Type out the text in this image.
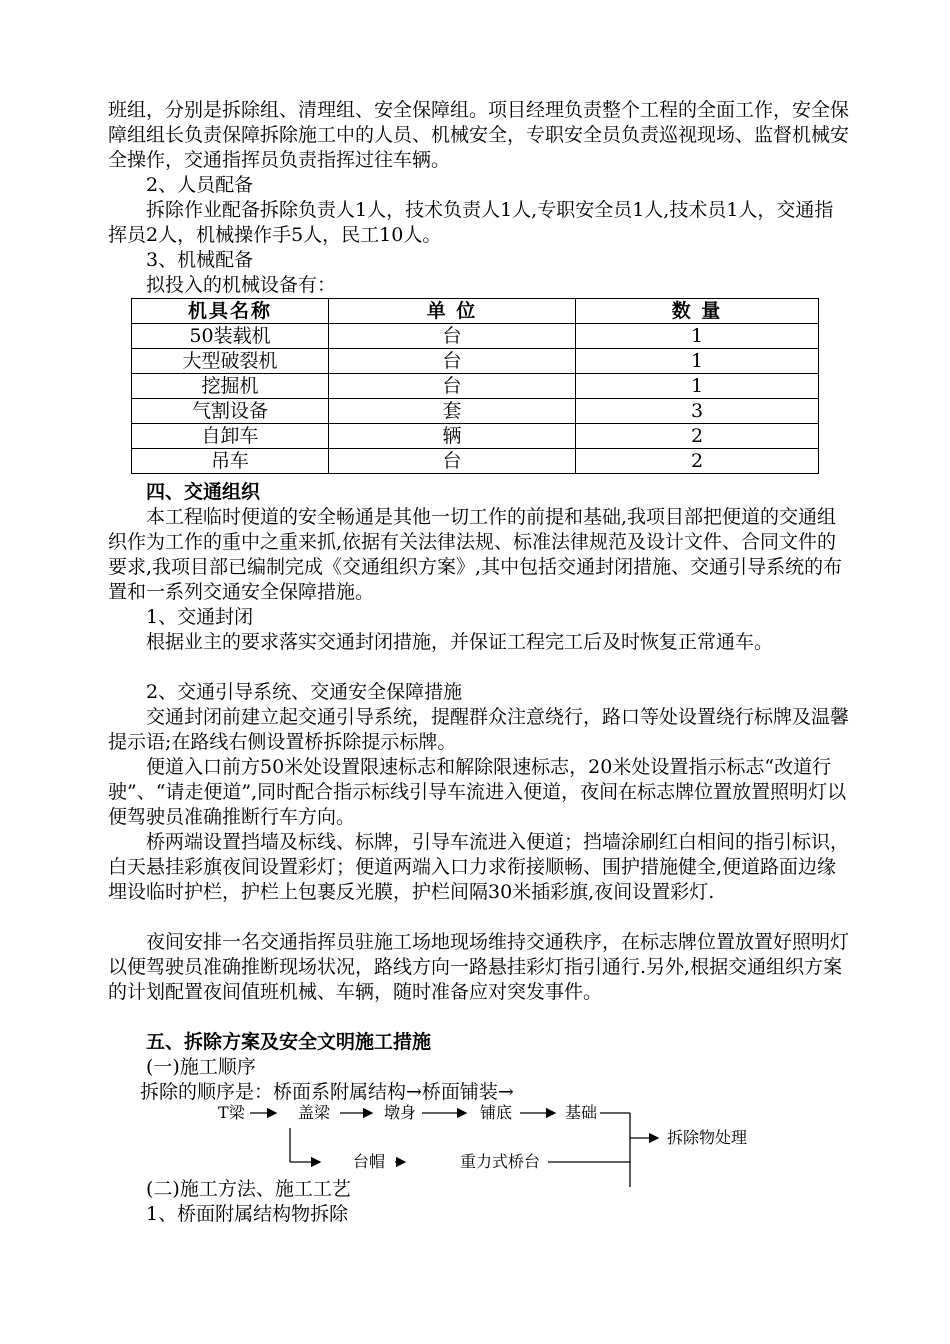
班组，分别是拆除组、清理组、安全保障组。项目经理负责整个工程的全面工作，安全保障组组长负责保障拆除施工中的人员、机械安全，专职安全员负责巡视现场、监督机械安全操作，交通指挥员负责指挥过往车辆。

2、人员配备

拆除作业配备拆除负责人1人，技术负责人1人,专职安全员1人,技术员1人，交通指挥员2人，机械操作手5人，民工10人。

3、机械配备
拟投入的机械设备有：
机具名称	单 位	数 量
50装载机	台	1
大型破裂机	台	1
挖掘机	台	1
气割设备	套	3
自卸车	辆	2
吊车	台	2
四、交通组织

本工程临时便道的安全畅通是其他一切工作的前提和基础,我项目部把便道的交通组织作为工作的重中之重来抓,依据有关法律法规、标准法律规范及设计文件、合同文件的要求,我项目部已编制完成《交通组织方案》,其中包括交通封闭措施、交通引导系统的布置和一系列交通安全保障措施。

1、交通封闭

根据业主的要求落实交通封闭措施，并保证工程完工后及时恢复正常通车。

2、交通引导系统、交通安全保障措施

交通封闭前建立起交通引导系统，提醒群众注意绕行，路口等处设置绕行标牌及温馨提示语;在路线右侧设置桥拆除提示标牌。

便道入口前方50米处设置限速标志和解除限速标志，20米处设置指示标志“改道行驶”、“请走便道”,同时配合指示标线引导车流进入便道，夜间在标志牌位置放置照明灯以便驾驶员准确推断行车方向。

桥两端设置挡墙及标线、标牌，引导车流进入便道；挡墙涂刷红白相间的指引标识，白天悬挂彩旗夜间设置彩灯；便道两端入口力求衔接顺畅、围护措施健全,便道路面边缘埋设临时护栏，护栏上包裹反光膜，护栏间隔30米插彩旗,夜间设置彩灯.

夜间安排一名交通指挥员驻施工场地现场维持交通秩序，在标志牌位置放置好照明灯以便驾驶员准确推断现场状况，路线方向一路悬挂彩灯指引通行.另外,根据交通组织方案的计划配置夜间值班机械、车辆，随时准备应对突发事件。

五、拆除方案及安全文明施工措施
(一)施工顺序
拆除的顺序是：桥面系附属结构→桥面铺装→
T梁	盖梁	墩身	铺底	基础
台帽	重力式桥台
拆除物处理
(二)施工方法、施工工艺
1、桥面附属结构物拆除
